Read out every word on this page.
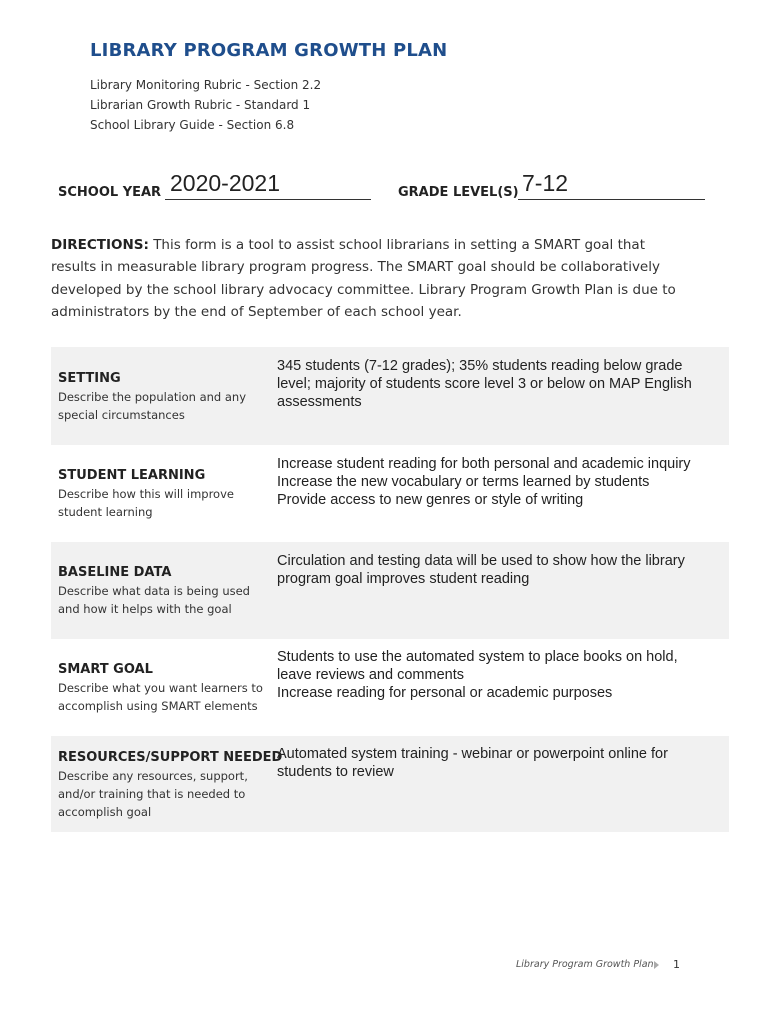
LIBRARY PROGRAM GROWTH PLAN
Library Monitoring Rubric - Section 2.2
Librarian Growth Rubric - Standard 1
School Library Guide - Section 6.8
SCHOOL YEAR 2020-2021	GRADE LEVEL(S) 7-12
DIRECTIONS: This form is a tool to assist school librarians in setting a SMART goal that results in measurable library program progress. The SMART goal should be collaboratively developed by the school library advocacy committee. Library Program Growth Plan is due to administrators by the end of September of each school year.
SETTING
Describe the population and any special circumstances
345 students (7-12 grades); 35% students reading below grade
level; majority of students score level 3 or below on MAP English
assessments
STUDENT LEARNING
Describe how this will improve student learning
Increase student reading for both personal and academic inquiry
Increase the new vocabulary or terms learned by students
Provide access to new genres or style of writing
BASELINE DATA
Describe what data is being used and how it helps with the goal
Circulation and testing data will be used to show how the library
program goal improves student reading
SMART GOAL
Describe what you want learners to accomplish using SMART elements
Students to use the automated system to place books on hold,
leave reviews and comments
Increase reading for personal or academic purposes
RESOURCES/SUPPORT NEEDED
Describe any resources, support, and/or training that is needed to accomplish goal
Automated system training - webinar or powerpoint online for
students to review
Library Program Growth Plan 1
